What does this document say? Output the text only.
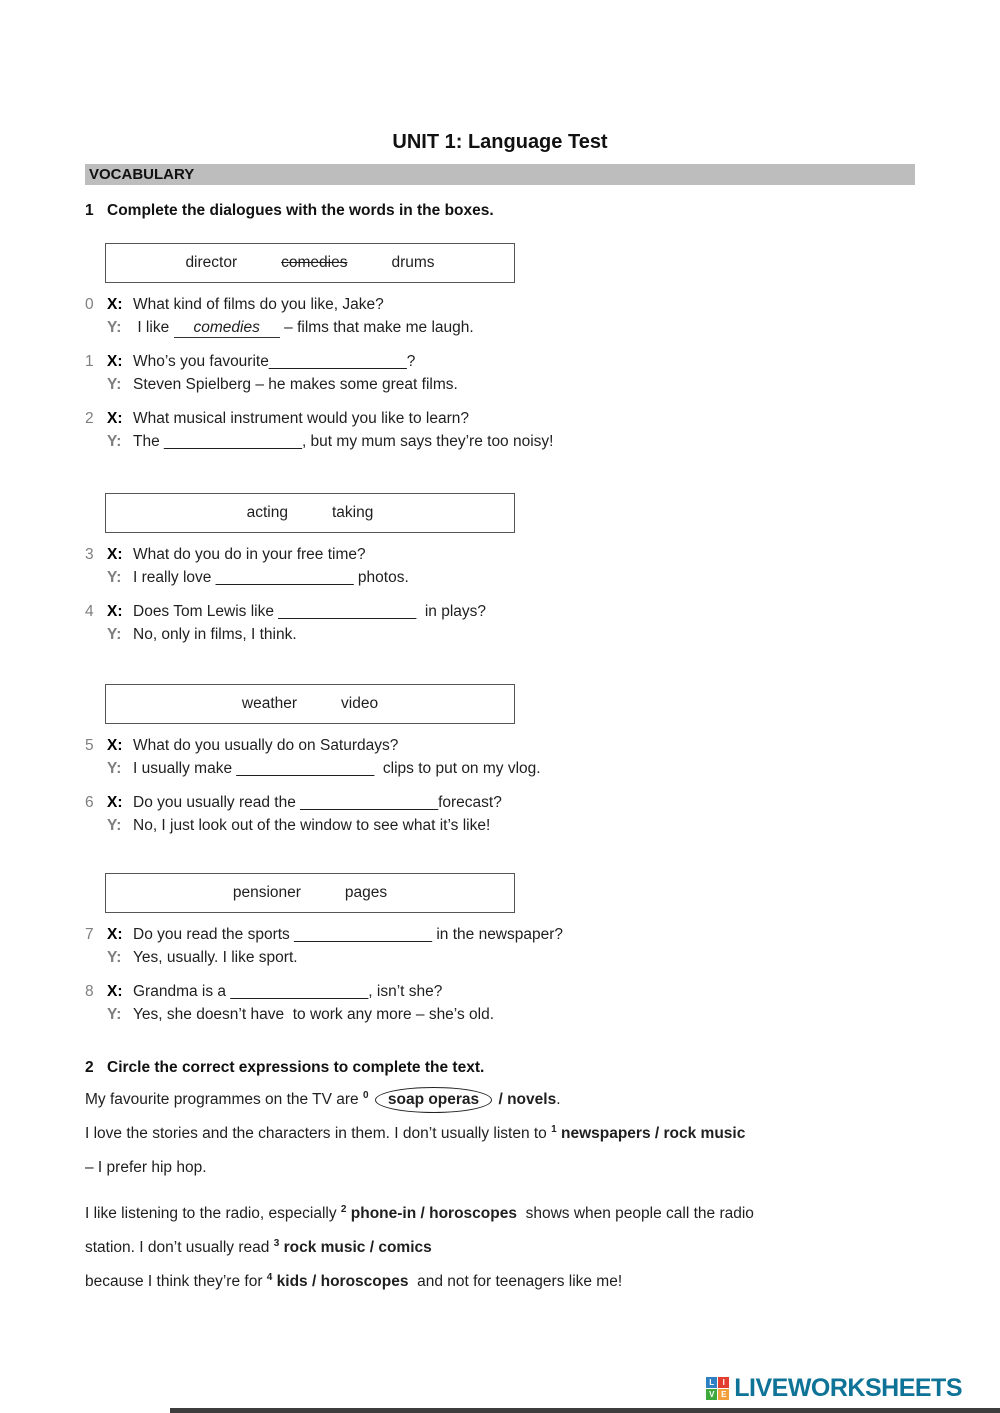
UNIT 1: Language Test
VOCABULARY
1 Complete the dialogues with the words in the boxes.
director	comedies	drums
0 X: What kind of films do you like, Jake?
Y: I like comedies – films that make me laugh.
1 X: Who’s you favourite________________?
Y: Steven Spielberg – he makes some great films.
2 X: What musical instrument would you like to learn?
Y: The ________________, but my mum says they’re too noisy!
acting	taking
3 X: What do you do in your free time?
Y: I really love ________________ photos.
4 X: Does Tom Lewis like ________________  in plays?
Y: No, only in films, I think.
weather	video
5 X: What do you usually do on Saturdays?
Y: I usually make ________________  clips to put on my vlog.
6 X: Do you usually read the ________________forecast?
Y: No, I just look out of the window to see what it’s like!
pensioner	pages
7 X: Do you read the sports ________________ in the newspaper?
Y: Yes, usually. I like sport.
8 X: Grandma is a ________________, isn’t she?
Y: Yes, she doesn’t have  to work any more – she’s old.
2 Circle the correct expressions to complete the text.

My favourite programmes on the TV are $^0$ soap operas / novels.

I love the stories and the characters in them. I don’t usually listen to $^1$ newspapers / rock music

– I prefer hip hop.

I like listening to the radio, especially $^2$ phone-in / horoscopes  shows when people call the radio

station. I don’t usually read $^3$ rock music / comics

because I think they’re for $^4$ kids / horoscopes  and not for teenagers like me!

L	I
V E LIVEWORKSHEETS
